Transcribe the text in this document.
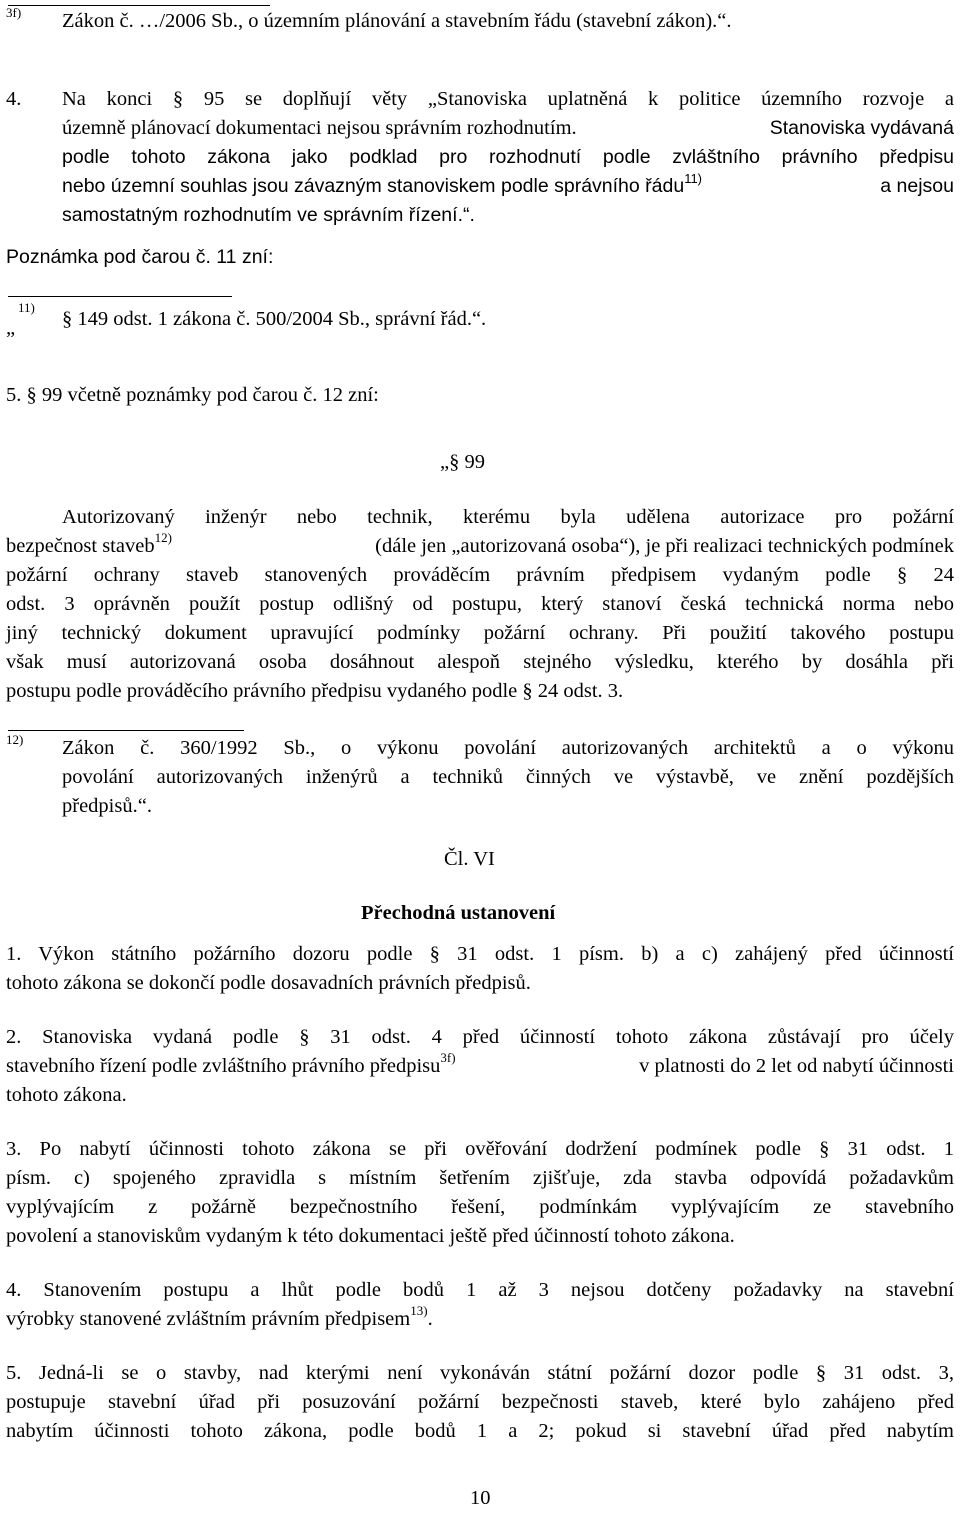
3f) Zákon č. …/2006 Sb., o územním plánování a stavebním řádu (stavební zákon).“.
4. Na konci § 95 se doplňují věty „Stanoviska uplatněná k politice územního rozvoje a
územně plánovací dokumentaci nejsou správním rozhodnutím.	Stanoviska vydávaná
podle tohoto zákona jako podklad pro rozhodnutí podle zvláštního právního předpisu
nebo územní souhlas jsou závazným stanoviskem podle správního řádu$^{11)}$	a nejsou
samostatným rozhodnutím ve správním řízení.“.
Poznámka pod čarou č. 11 zní:
„
11)
§ 149 odst. 1 zákona č. 500/2004 Sb., správní řád.“.
5. § 99 včetně poznámky pod čarou č. 12 zní:
„§ 99
Autorizovaný inženýr nebo technik, kterému byla udělena autorizace pro požární
bezpečnost staveb$^{12)}$	(dále jen „autorizovaná osoba“), je při realizaci technických podmínek
požární ochrany staveb stanovených prováděcím právním předpisem vydaným podle § 24
odst. 3 oprávněn použít postup odlišný od postupu, který stanoví česká technická norma nebo
jiný technický dokument upravující podmínky požární ochrany. Při použití takového postupu
však musí autorizovaná osoba dosáhnout alespoň stejného výsledku, kterého by dosáhla při
postupu podle prováděcího právního předpisu vydaného podle § 24 odst. 3.
12) Zákon č. 360/1992 Sb., o výkonu povolání autorizovaných architektů a o výkonu
povolání autorizovaných inženýrů a techniků činných ve výstavbě, ve znění pozdějších
předpisů.“.
Čl. VI
Přechodná ustanovení
1. Výkon státního požárního dozoru podle § 31 odst. 1 písm. b) a c) zahájený před účinností
tohoto zákona se dokončí podle dosavadních právních předpisů.
2. Stanoviska vydaná podle § 31 odst. 4 před účinností tohoto zákona zůstávají pro účely
stavebního řízení podle zvláštního právního předpisu$^{3f)}$	v platnosti do 2 let od nabytí účinnosti
tohoto zákona.
3. Po nabytí účinnosti tohoto zákona se při ověřování dodržení podmínek podle § 31 odst. 1
písm. c) spojeného zpravidla s místním šetřením zjišťuje, zda stavba odpovídá požadavkům
vyplývajícím z požárně bezpečnostního řešení, podmínkám vyplývajícím ze stavebního
povolení a stanoviskům vydaným k této dokumentaci ještě před účinností tohoto zákona.
4. Stanovením postupu a lhůt podle bodů 1 až 3 nejsou dotčeny požadavky na stavební
výrobky stanovené zvláštním právním předpisem$^{13)}$.
5. Jedná-li se o stavby, nad kterými není vykonáván státní požární dozor podle § 31 odst. 3,
postupuje stavební úřad při posuzování požární bezpečnosti staveb, které bylo zahájeno před
nabytím účinnosti tohoto zákona, podle bodů 1 a 2; pokud si stavební úřad před nabytím
10
